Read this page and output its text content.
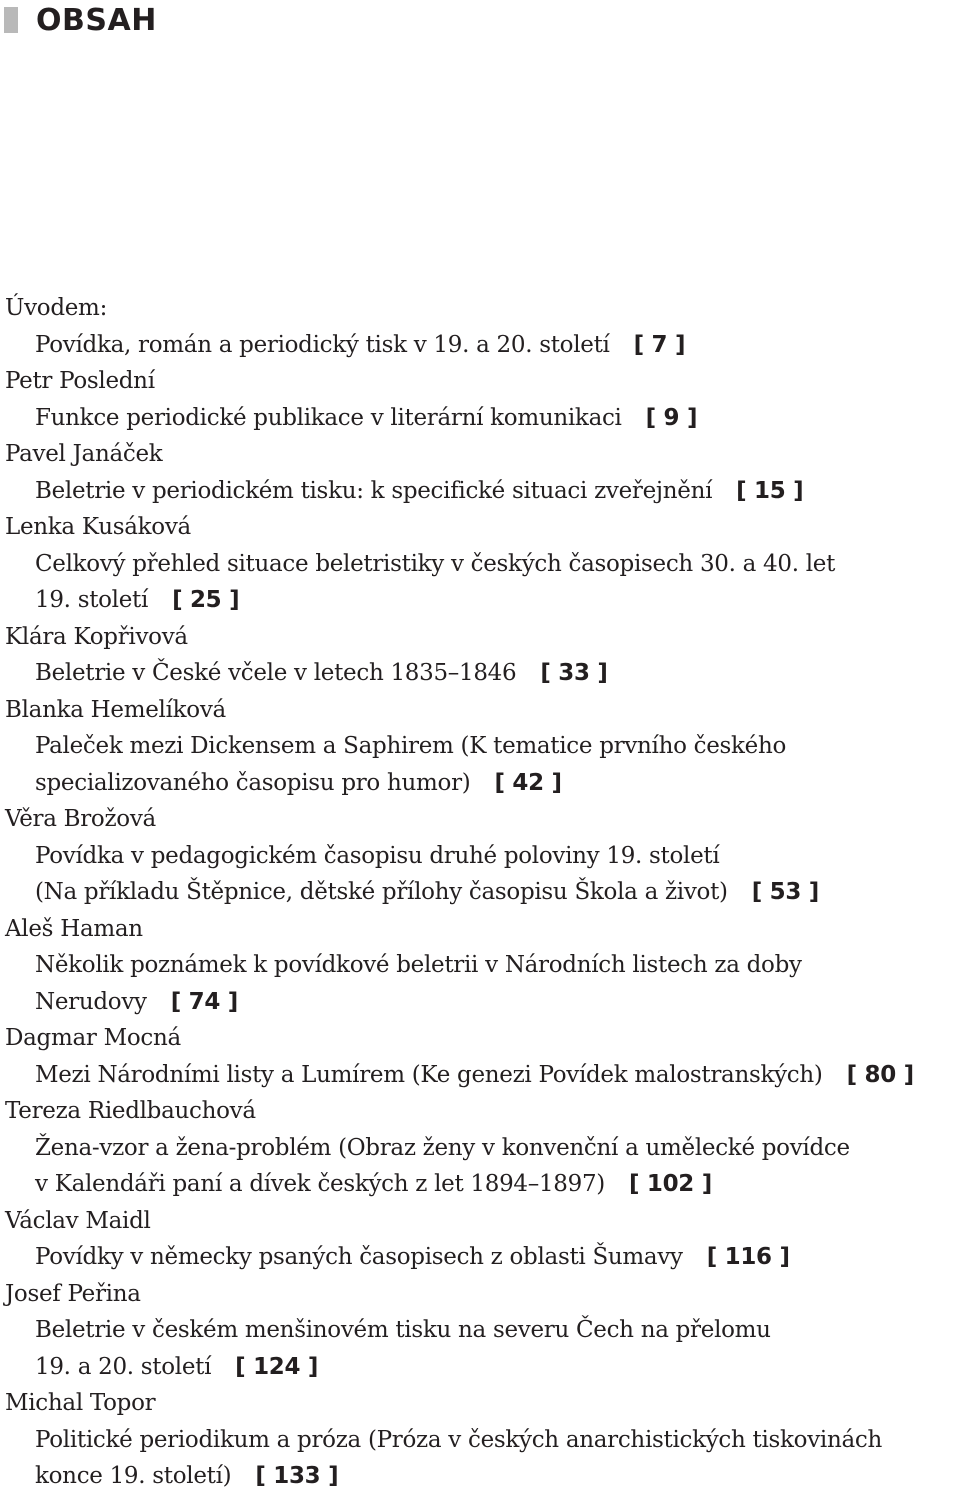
OBSAH
Úvodem:
Povídka, román a periodický tisk v 19. a 20. století [ 7 ]
Petr Poslední
Funkce periodické publikace v literární komunikaci [ 9 ]
Pavel Janáček
Beletrie v periodickém tisku: k specifické situaci zveřejnění [ 15 ]
Lenka Kusáková
Celkový přehled situace beletristiky v českých časopisech 30. a 40. let
19. století [ 25 ]
Klára Kopřivová
Beletrie v České včele v letech 1835–1846 [ 33 ]
Blanka Hemelíková
Paleček mezi Dickensem a Saphirem (K tematice prvního českého
specializovaného časopisu pro humor) [ 42 ]
Věra Brožová
Povídka v pedagogickém časopisu druhé poloviny 19. století
(Na příkladu Štěpnice, dětské přílohy časopisu Škola a život) [ 53 ]
Aleš Haman
Několik poznámek k povídkové beletrii v Národních listech za doby
Nerudovy [ 74 ]
Dagmar Mocná
Mezi Národními listy a Lumírem (Ke genezi Povídek malostranských) [ 80 ]
Tereza Riedlbauchová
Žena-vzor a žena-problém (Obraz ženy v konvenční a umělecké povídce
v Kalendáři paní a dívek českých z let 1894–1897) [ 102 ]
Václav Maidl
Povídky v německy psaných časopisech z oblasti Šumavy [ 116 ]
Josef Peřina
Beletrie v českém menšinovém tisku na severu Čech na přelomu
19. a 20. století [ 124 ]
Michal Topor
Politické periodikum a próza (Próza v českých anarchistických tiskovinách
konce 19. století) [ 133 ]
